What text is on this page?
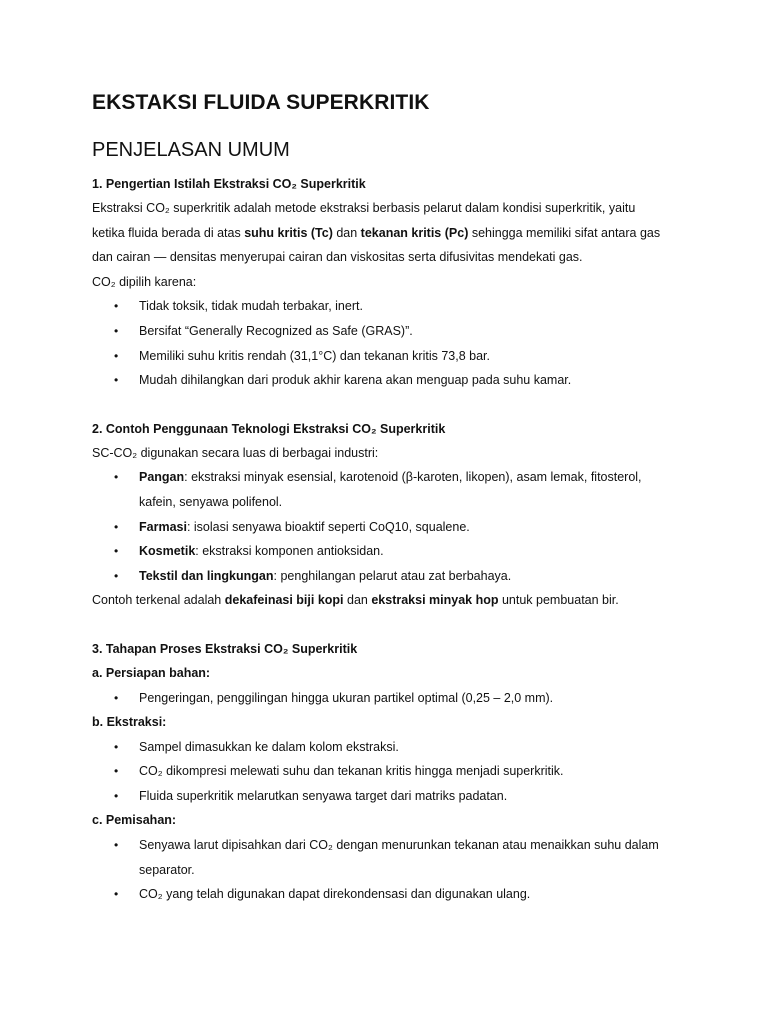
EKSTAKSI FLUIDA SUPERKRITIK
PENJELASAN UMUM
1. Pengertian Istilah Ekstraksi CO₂ Superkritik

Ekstraksi CO₂ superkritik adalah metode ekstraksi berbasis pelarut dalam kondisi superkritik, yaitu

ketika fluida berada di atas suhu kritis (Tc) dan tekanan kritis (Pc) sehingga memiliki sifat antara gas

dan cairan — densitas menyerupai cairan dan viskositas serta difusivitas mendekati gas.

CO₂ dipilih karena:

• Tidak toksik, tidak mudah terbakar, inert.
• Bersifat “Generally Recognized as Safe (GRAS)”.
• Memiliki suhu kritis rendah (31,1°C) dan tekanan kritis 73,8 bar.
• Mudah dihilangkan dari produk akhir karena akan menguap pada suhu kamar.
2. Contoh Penggunaan Teknologi Ekstraksi CO₂ Superkritik

SC-CO₂ digunakan secara luas di berbagai industri:

• Pangan: ekstraksi minyak esensial, karotenoid (β-karoten, likopen), asam lemak, fitosterol,
kafein, senyawa polifenol.
• Farmasi: isolasi senyawa bioaktif seperti CoQ10, squalene.
• Kosmetik: ekstraksi komponen antioksidan.
• Tekstil dan lingkungan: penghilangan pelarut atau zat berbahaya.

Contoh terkenal adalah dekafeinasi biji kopi dan ekstraksi minyak hop untuk pembuatan bir.

3. Tahapan Proses Ekstraksi CO₂ Superkritik
a. Persiapan bahan:
• Pengeringan, penggilingan hingga ukuran partikel optimal (0,25 – 2,0 mm).
b. Ekstraksi:
• Sampel dimasukkan ke dalam kolom ekstraksi.
• CO₂ dikompresi melewati suhu dan tekanan kritis hingga menjadi superkritik.
• Fluida superkritik melarutkan senyawa target dari matriks padatan.
c. Pemisahan:
• Senyawa larut dipisahkan dari CO₂ dengan menurunkan tekanan atau menaikkan suhu dalam
separator.
• CO₂ yang telah digunakan dapat direkondensasi dan digunakan ulang.
